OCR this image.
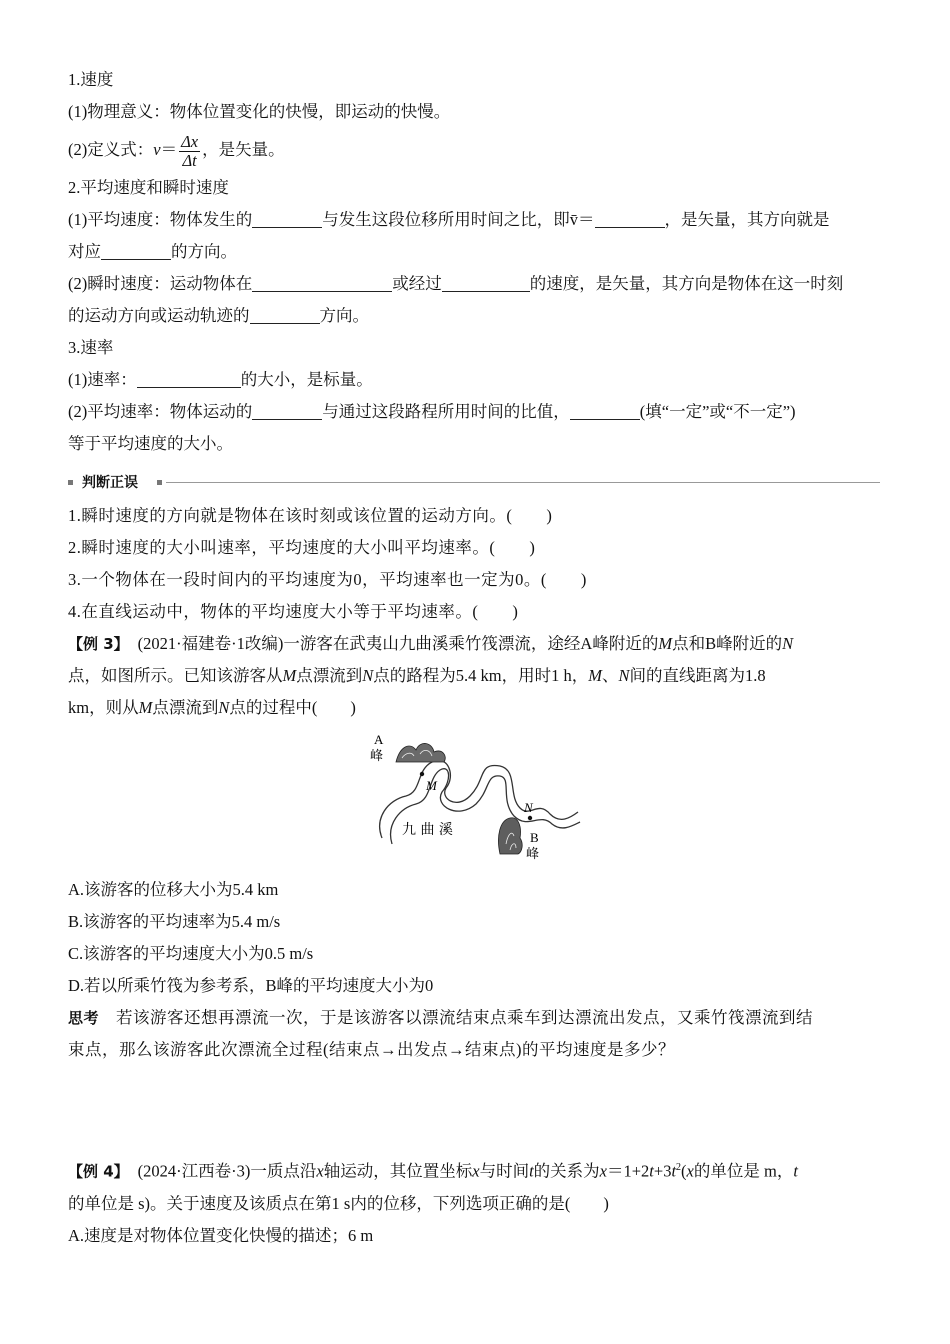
1.速度
(1)物理意义：物体位置变化的快慢，即运动的快慢。
(2)定义式：$v= \frac{\Delta x}{\Delta t}$ ，是矢量。
2.平均速度和瞬时速度
(1)平均速度：物体发生的	与发生这段位移所用时间之比，即v̄＝	，是矢量，其方向就是
对应	的方向。
(2)瞬时速度：运动物体在	或经过	的速度，是矢量，其方向是物体在这一时刻
的运动方向或运动轨迹的	方向。
3.速率
(1)速率：	的大小，是标量。
(2)平均速率：物体运动的	与通过这段路程所用时间的比值，	(填“一定”或“不一定”)
等于平均速度的大小。
判断正误
1.瞬时速度的方向就是物体在该时刻或该位置的运动方向。(　　)
2.瞬时速度的大小叫速率，平均速度的大小叫平均速率。(　　)
3.一个物体在一段时间内的平均速度为0，平均速率也一定为0。(　　)
4.在直线运动中，物体的平均速度大小等于平均速率。(　　)
【例 3】　(2021·福建卷·1改编)一游客在武夷山九曲溪乘竹筏漂流，途经A峰附近的M点和B峰附近的N
点，如图所示。已知该游客从M点漂流到N点的路程为5.4 km，用时1 h，M、N间的直线距离为1.8
km，则从M点漂流到N点的过程中(　　)
A
峰
M
N
九 曲 溪	B
峰
A.该游客的位移大小为5.4 km
B.该游客的平均速率为5.4 m/s
C.该游客的平均速度大小为0.5 m/s
D.若以所乘竹筏为参考系，B峰的平均速度大小为0
思考　若该游客还想再漂流一次，于是该游客以漂流结束点乘车到达漂流出发点，又乘竹筏漂流到结
束点，那么该游客此次漂流全过程(结束点→出发点→结束点)的平均速度是多少？
【例 4】　(2024·江西卷·3)一质点沿x轴运动，其位置坐标x与时间t的关系为$x=1+2t+3t^2(x$的单位是 m，t
的单位是 s)。关于速度及该质点在第1 s内的位移，下列选项正确的是(　　)
A.速度是对物体位置变化快慢的描述；6 m
